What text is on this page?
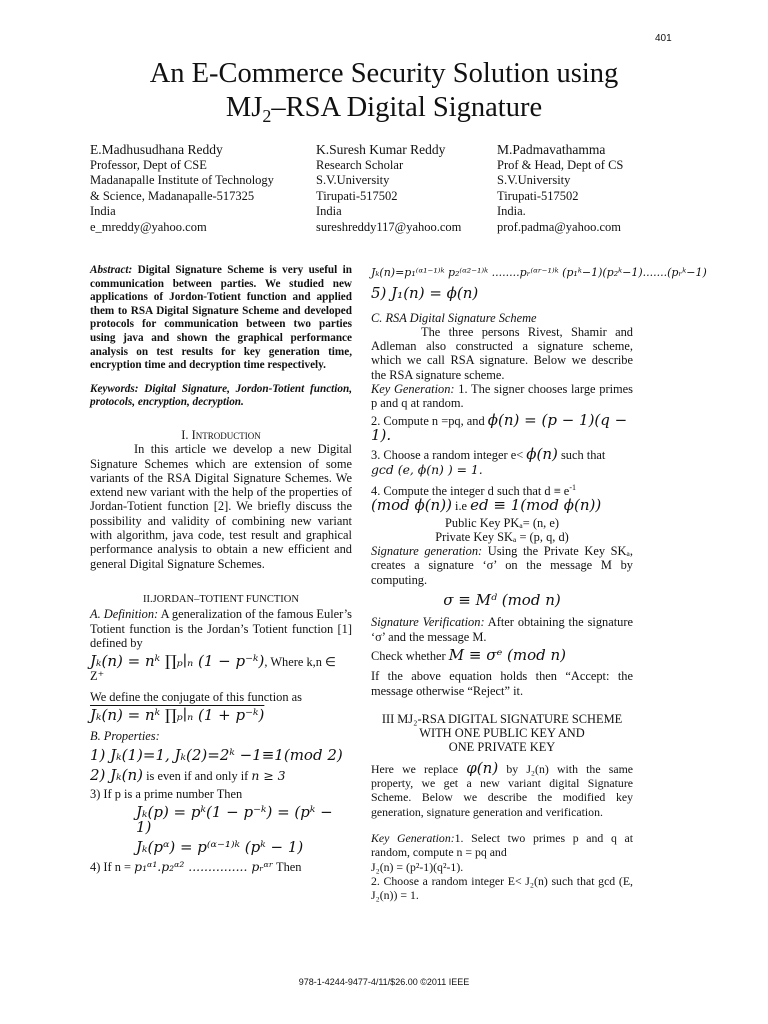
401
An E-Commerce Security Solution using
$MJ_2$–RSA Digital Signature
E.Madhusudhana Reddy
Professor, Dept of CSE
Madanapalle Institute of Technology
& Science, Madanapalle-517325
India
e_mreddy@yahoo.com
K.Suresh Kumar Reddy
Research Scholar
S.V.University
Tirupati-517502
India
sureshreddy117@yahoo.com
M.Padmavathamma
Prof & Head, Dept of CS
S.V.University
Tirupati-517502
India.
prof.padma@yahoo.com

Abstract: Digital Signature Scheme is very useful in communication between parties. We studied new applications of Jordon-Totient function and applied them to RSA Digital Signature Scheme and developed protocols for communication between two parties using java and shown the graphical performance analysis on test results for key generation time, encryption time and decryption time respectively.

Keywords: Digital Signature, Jordon-Totient function, protocols, encryption, decryption.

I. Introduction

In this article we develop a new Digital Signature Schemes which are extension of some variants of the RSA Digital Signature Schemes. We extend new variant with the help of the properties of Jordan-Totient function [2]. We briefly discuss the possibility and validity of combining new variant with algorithm, java code, test result and graphical performance analysis to obtain a new efficient and general Digital Signature Schemes.

II.JORDAN–TOTIENT FUNCTION

A. Definition: A generalization of the famous Euler’s Totient function is the Jordan’s Totient function [1] defined by

Jₖ(n) = nᵏ ∏ₚ∣ₙ (1 − p⁻ᵏ), Where k,n ∈ Z⁺

We define the conjugate of this function as

Jₖ(n) = nᵏ ∏ₚ∣ₙ (1 + p⁻ᵏ)

B. Properties:

1) Jₖ(1)=1, Jₖ(2)=2ᵏ −1≡1(mod 2)

2) Jₖ(n) is even if and only if n ≥ 3

3) If p is a prime number Then

Jₖ(p) = pᵏ(1 − p⁻ᵏ) = (pᵏ − 1)

Jₖ(pᵅ) = p⁽ᵅ⁻¹⁾ᵏ (pᵏ − 1)

4) If n = p₁ᵅ¹.p₂ᵅ² ............... pᵣᵅʳ Then

Jₖ(n)=p₁⁽ᵅ¹⁻¹⁾ᵏ p₂⁽ᵅ²⁻¹⁾ᵏ ........pᵣ⁽ᵅʳ⁻¹⁾ᵏ (p₁ᵏ−1)(p₂ᵏ−1).......(pᵣᵏ−1)

5) J₁(n) = ϕ(n)

C. RSA Digital Signature Scheme

The three persons Rivest, Shamir and Adleman also constructed a signature scheme, which we call RSA signature. Below we describe the RSA signature scheme.

Key Generation: 1. The signer chooses large primes p and q at random.

2. Compute n =pq, and ϕ(n) = (p − 1)(q − 1).

3. Choose a random integer e< ϕ(n) such that

gcd (e, ϕ(n) ) = 1.

4. Compute the integer d such that $d \equiv e^{-1}$

(mod ϕ(n)) i.e ed ≡ 1(mod ϕ(n))

Public Key PKₐ= (n, e)

Private Key SKₐ = (p, q, d)

Signature generation: Using the Private Key SKₐ, creates a signature ‘σ’ on the message M by computing.

σ ≡ Mᵈ (mod n)

Signature Verification: After obtaining the signature ‘σ’ and the message M.

Check whether M ≡ σᵉ (mod n)

If the above equation holds then “Accept: the message otherwise “Reject” it.

III MJ₂-RSA DIGITAL SIGNATURE SCHEME
WITH ONE PUBLIC KEY AND
ONE PRIVATE KEY

Here we replace φ(n) by J₂(n) with the same property, we get a new variant digital Signature Scheme. Below we describe the modified key generation, signature generation and verification.

Key Generation:1. Select two primes p and q at random, compute n = pq and

J₂(n) = (p²-1)(q²-1).

2. Choose a random integer E< J₂(n) such that gcd (E, J₂(n)) = 1.

978-1-4244-9477-4/11/$26.00 ©2011 IEEE
